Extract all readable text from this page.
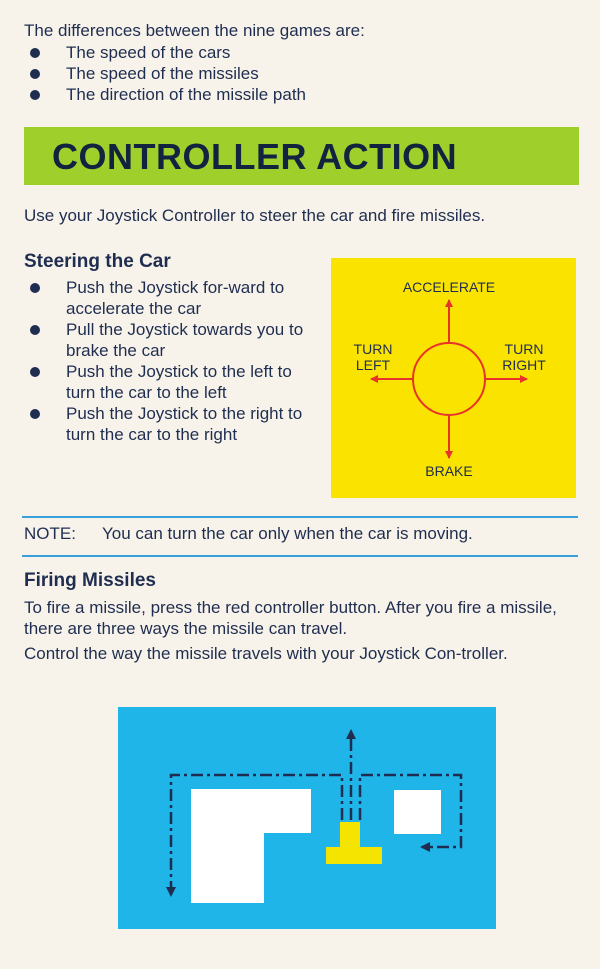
The differences between the nine games are:

The speed of the cars
The speed of the missiles
The direction of the missile path
CONTROLLER ACTION

Use your Joystick Controller to steer the car and fire missiles.

Steering the Car
Push the Joystick for-ward to accelerate the car
Pull the Joystick towards you to brake the car
Push the Joystick to the left to turn the car to the left
Push the Joystick to the right to turn the car to the right
ACCELERATE
BRAKE
TURN
LEFT
TURN
RIGHT
NOTE: You can turn the car only when the car is moving.
Firing Missiles

To fire a missile, press the red controller button. After you fire a missile, there are three ways the missile can travel.

Control the way the missile travels with your Joystick Con-troller.
